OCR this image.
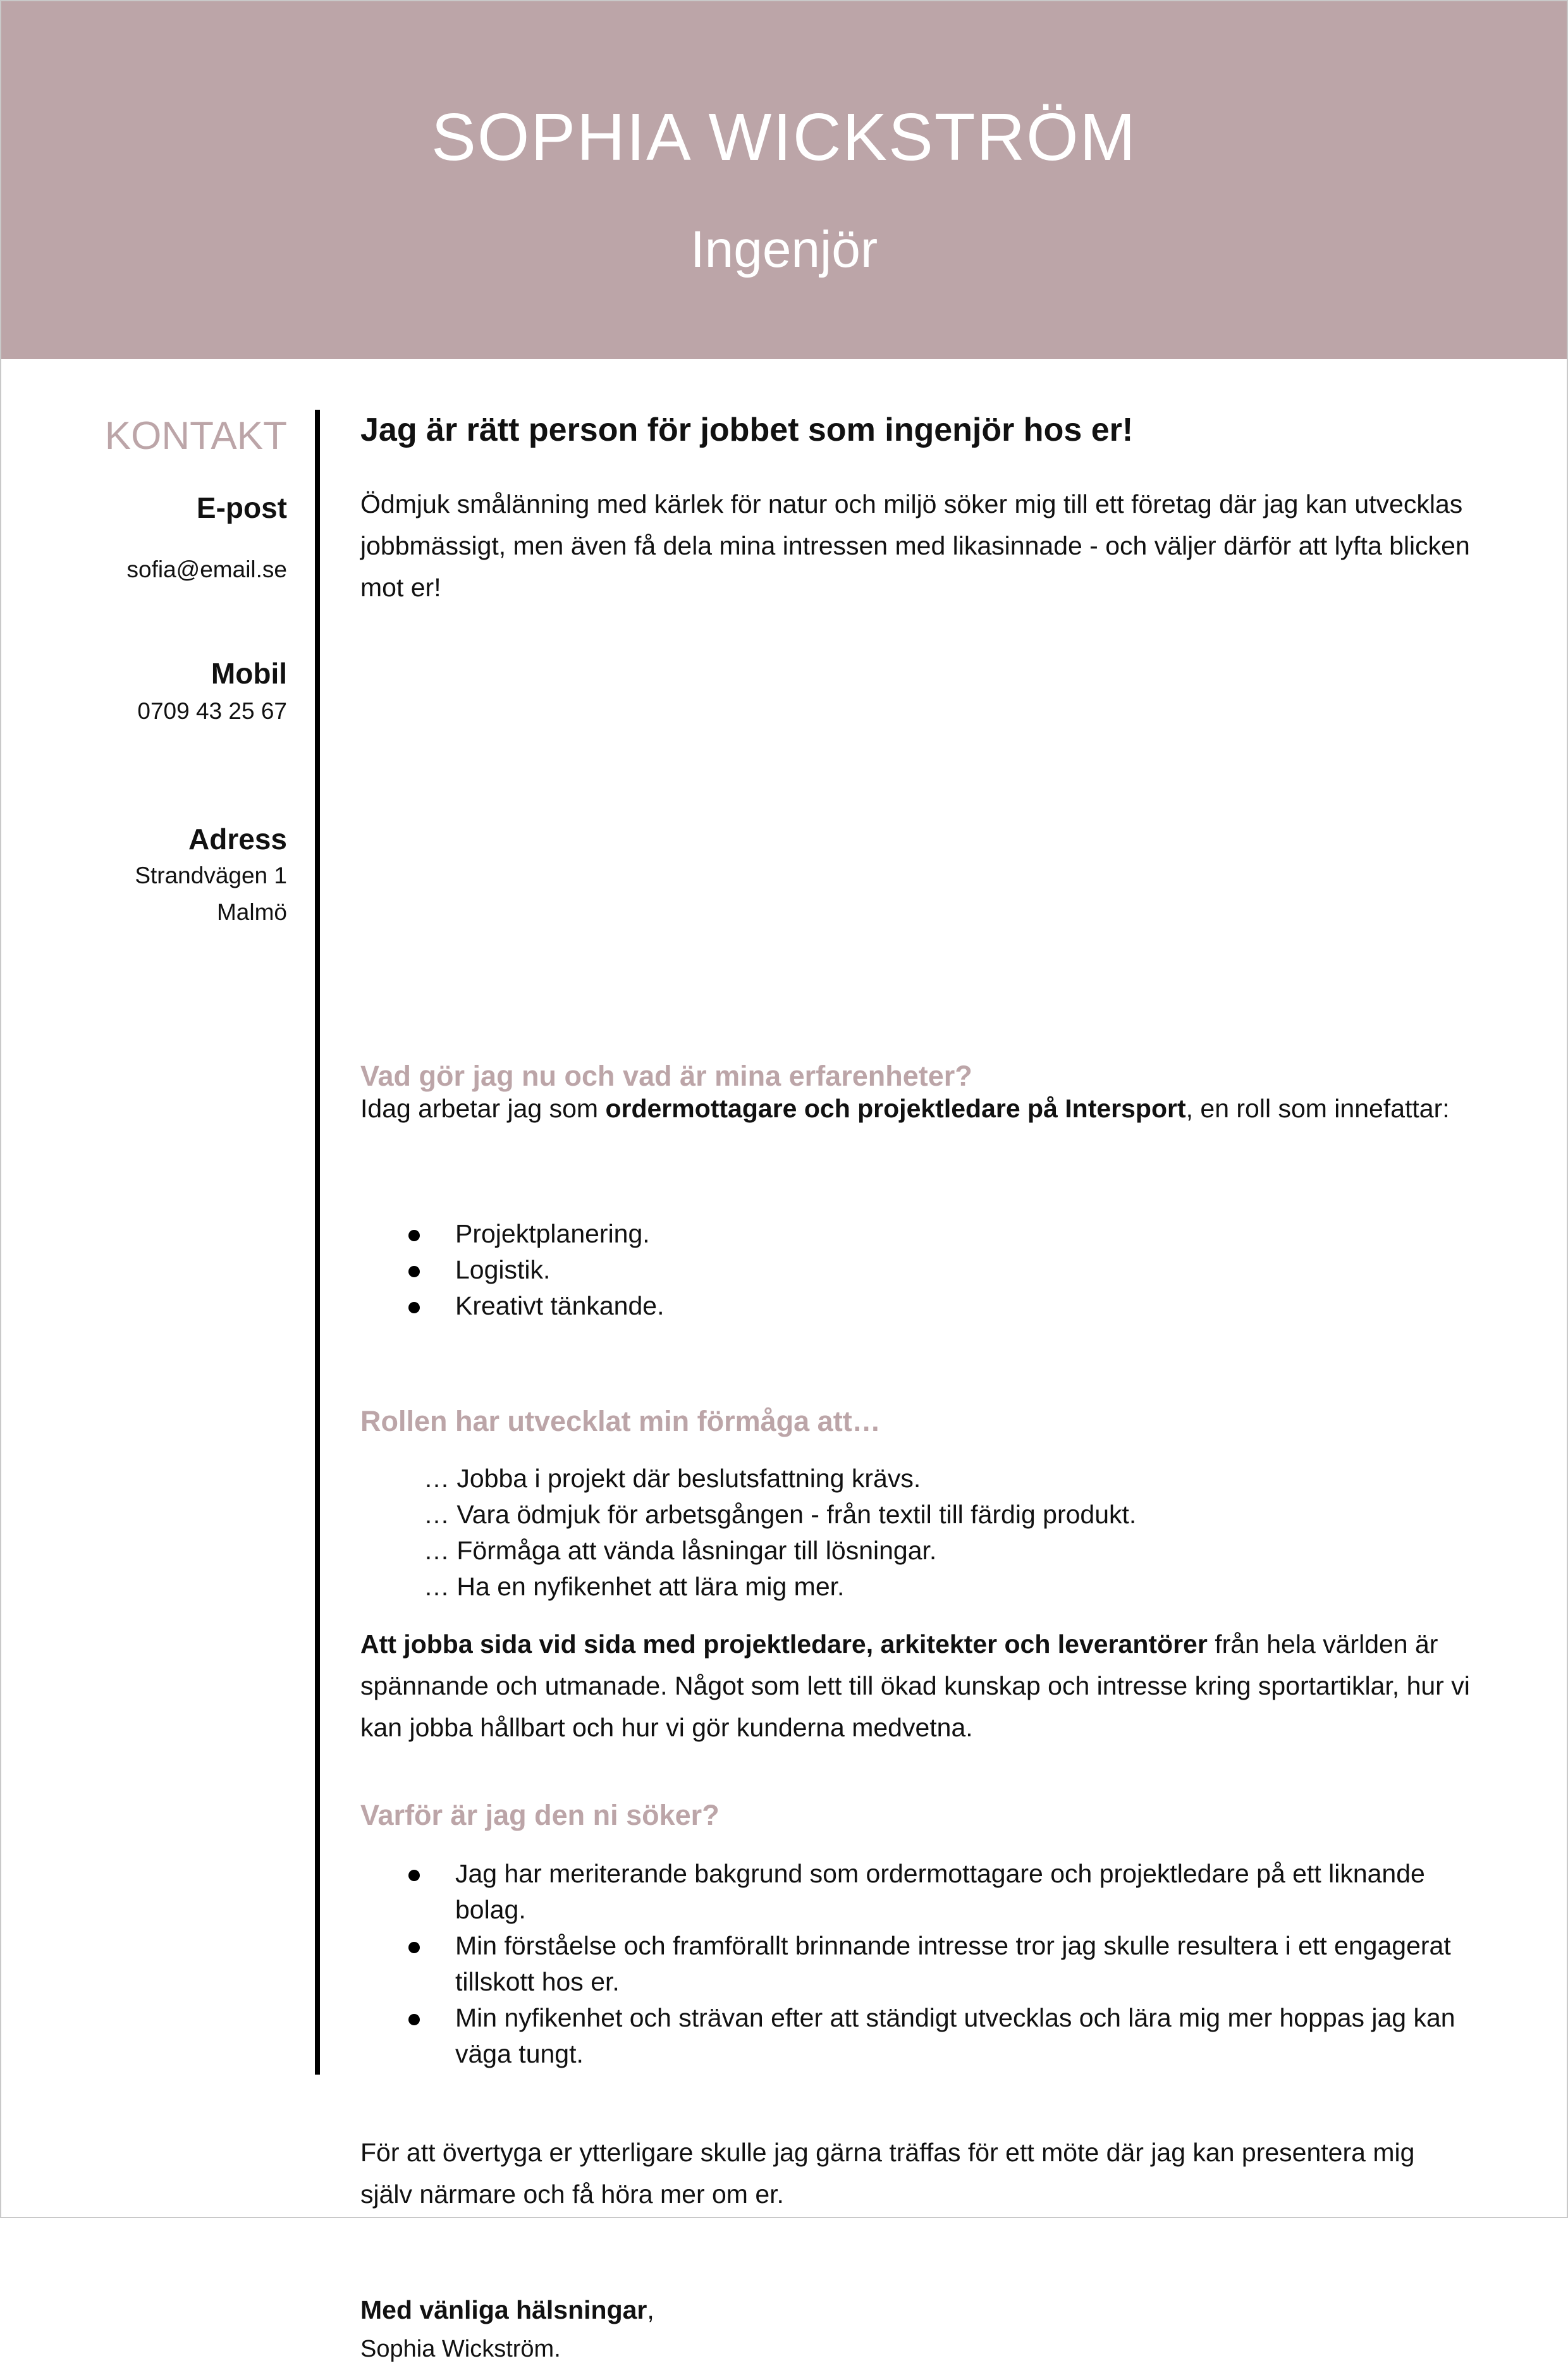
SOPHIA WICKSTRÖM
Ingenjör
KONTAKT
E-post
sofia@email.se
Mobil
0709 43 25 67
Adress
Strandvägen 1
Malmö
Jag är rätt person för jobbet som ingenjör hos er!
Ödmjuk smålänning med kärlek för natur och miljö söker mig till ett företag där jag kan utvecklas jobbmässigt, men även få dela mina intressen med likasinnade - och väljer därför att lyfta blicken mot er!
Vad gör jag nu och vad är mina erfarenheter?
Idag arbetar jag som ordermottagare och projektledare på Intersport, en roll som innefattar:
Projektplanering.
Logistik.
Kreativt tänkande.
Rollen har utvecklat min förmåga att…
… Jobba i projekt där beslutsfattning krävs.
… Vara ödmjuk för arbetsgången - från textil till färdig produkt.
… Förmåga att vända låsningar till lösningar.
… Ha en nyfikenhet att lära mig mer.
Att jobba sida vid sida med projektledare, arkitekter och leverantörer från hela världen är spännande och utmanade. Något som lett till ökad kunskap och intresse kring sportartiklar, hur vi kan jobba hållbart och hur vi gör kunderna medvetna.
Varför är jag den ni söker?
Jag har meriterande bakgrund som ordermottagare och projektledare på ett liknande bolag.
Min förståelse och framförallt brinnande intresse tror jag skulle resultera i ett engagerat tillskott hos er.
Min nyfikenhet och strävan efter att ständigt utvecklas och lära mig mer hoppas jag kan väga tungt.
För att övertyga er ytterligare skulle jag gärna träffas för ett möte där jag kan presentera mig själv närmare och få höra mer om er.
Med vänliga hälsningar,
Sophia Wickström.
